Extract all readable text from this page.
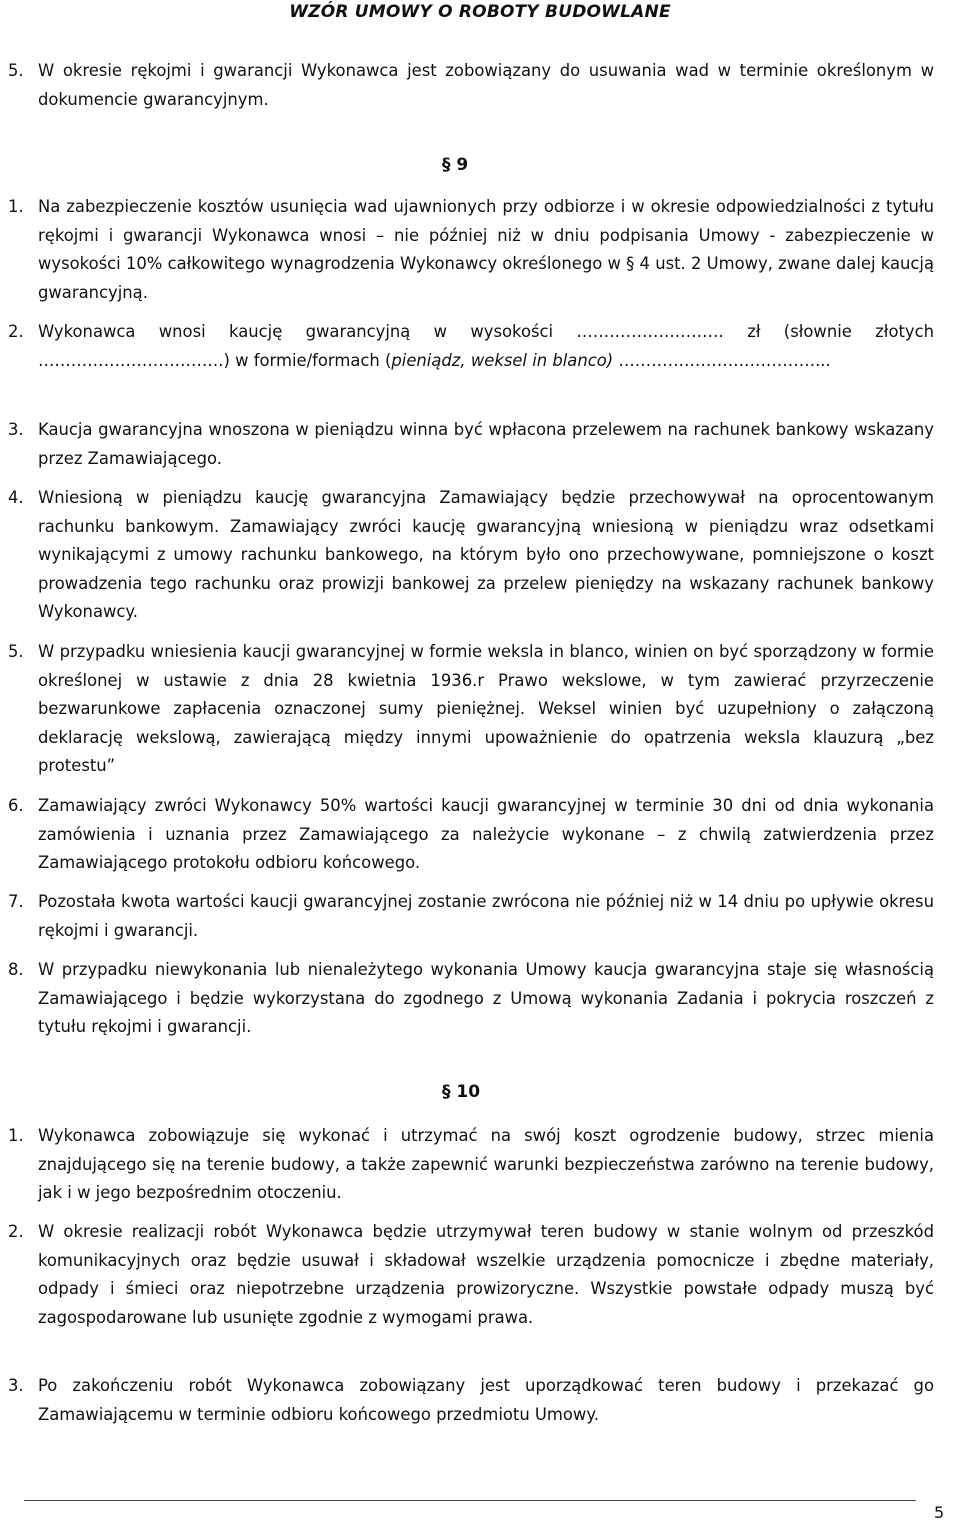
WZÓR UMOWY O ROBOTY BUDOWLANE
5. W okresie rękojmi i gwarancji Wykonawca jest zobowiązany do usuwania wad w terminie określonym w dokumencie gwarancyjnym.
§ 9
1. Na zabezpieczenie kosztów usunięcia wad ujawnionych przy odbiorze i w okresie odpowiedzialności z tytułu rękojmi i gwarancji Wykonawca wnosi – nie później niż w dniu podpisania Umowy - zabezpieczenie w wysokości 10% całkowitego wynagrodzenia Wykonawcy określonego w § 4 ust. 2 Umowy, zwane dalej kaucją gwarancyjną.
2. Wykonawca wnosi kaucję gwarancyjną w wysokości ……………………… zł (słownie złotych …………………………….) w formie/formach (pieniądz, weksel in blanco) ………………………………...
3. Kaucja gwarancyjna wnoszona w pieniądzu winna być wpłacona przelewem na rachunek bankowy wskazany przez Zamawiającego.
4. Wniesioną w pieniądzu kaucję gwarancyjna Zamawiający będzie przechowywał na oprocentowanym rachunku bankowym. Zamawiający zwróci kaucję gwarancyjną wniesioną w pieniądzu wraz odsetkami wynikającymi z umowy rachunku bankowego, na którym było ono przechowywane, pomniejszone o koszt prowadzenia tego rachunku oraz prowizji bankowej za przelew pieniędzy na wskazany rachunek bankowy Wykonawcy.
5. W przypadku wniesienia kaucji gwarancyjnej w formie weksla in blanco, winien on być sporządzony w formie określonej w ustawie z dnia 28 kwietnia 1936.r Prawo wekslowe, w tym zawierać przyrzeczenie bezwarunkowe zapłacenia oznaczonej sumy pieniężnej. Weksel winien być uzupełniony o załączoną deklarację wekslową, zawierającą między innymi upoważnienie do opatrzenia weksla klauzurą „bez protestu”
6. Zamawiający zwróci Wykonawcy 50% wartości kaucji gwarancyjnej w terminie 30 dni od dnia wykonania zamówienia i uznania przez Zamawiającego za należycie wykonane – z chwilą zatwierdzenia przez Zamawiającego protokołu odbioru końcowego.
7. Pozostała kwota wartości kaucji gwarancyjnej zostanie zwrócona nie później niż w 14 dniu po upływie okresu rękojmi i gwarancji.
8. W przypadku niewykonania lub nienależytego wykonania Umowy kaucja gwarancyjna staje się własnością Zamawiającego i będzie wykorzystana do zgodnego z Umową wykonania Zadania i pokrycia roszczeń z tytułu rękojmi i gwarancji.
§ 10
1. Wykonawca zobowiązuje się wykonać i utrzymać na swój koszt ogrodzenie budowy, strzec mienia znajdującego się na terenie budowy, a także zapewnić warunki bezpieczeństwa zarówno na terenie budowy, jak i w jego bezpośrednim otoczeniu.
2. W okresie realizacji robót Wykonawca będzie utrzymywał teren budowy w stanie wolnym od przeszkód komunikacyjnych oraz będzie usuwał i składował wszelkie urządzenia pomocnicze i zbędne materiały, odpady i śmieci oraz niepotrzebne urządzenia prowizoryczne. Wszystkie powstałe odpady muszą być zagospodarowane lub usunięte zgodnie z wymogami prawa.
3. Po zakończeniu robót Wykonawca zobowiązany jest uporządkować teren budowy i przekazać go Zamawiającemu w terminie odbioru końcowego przedmiotu Umowy.
5
